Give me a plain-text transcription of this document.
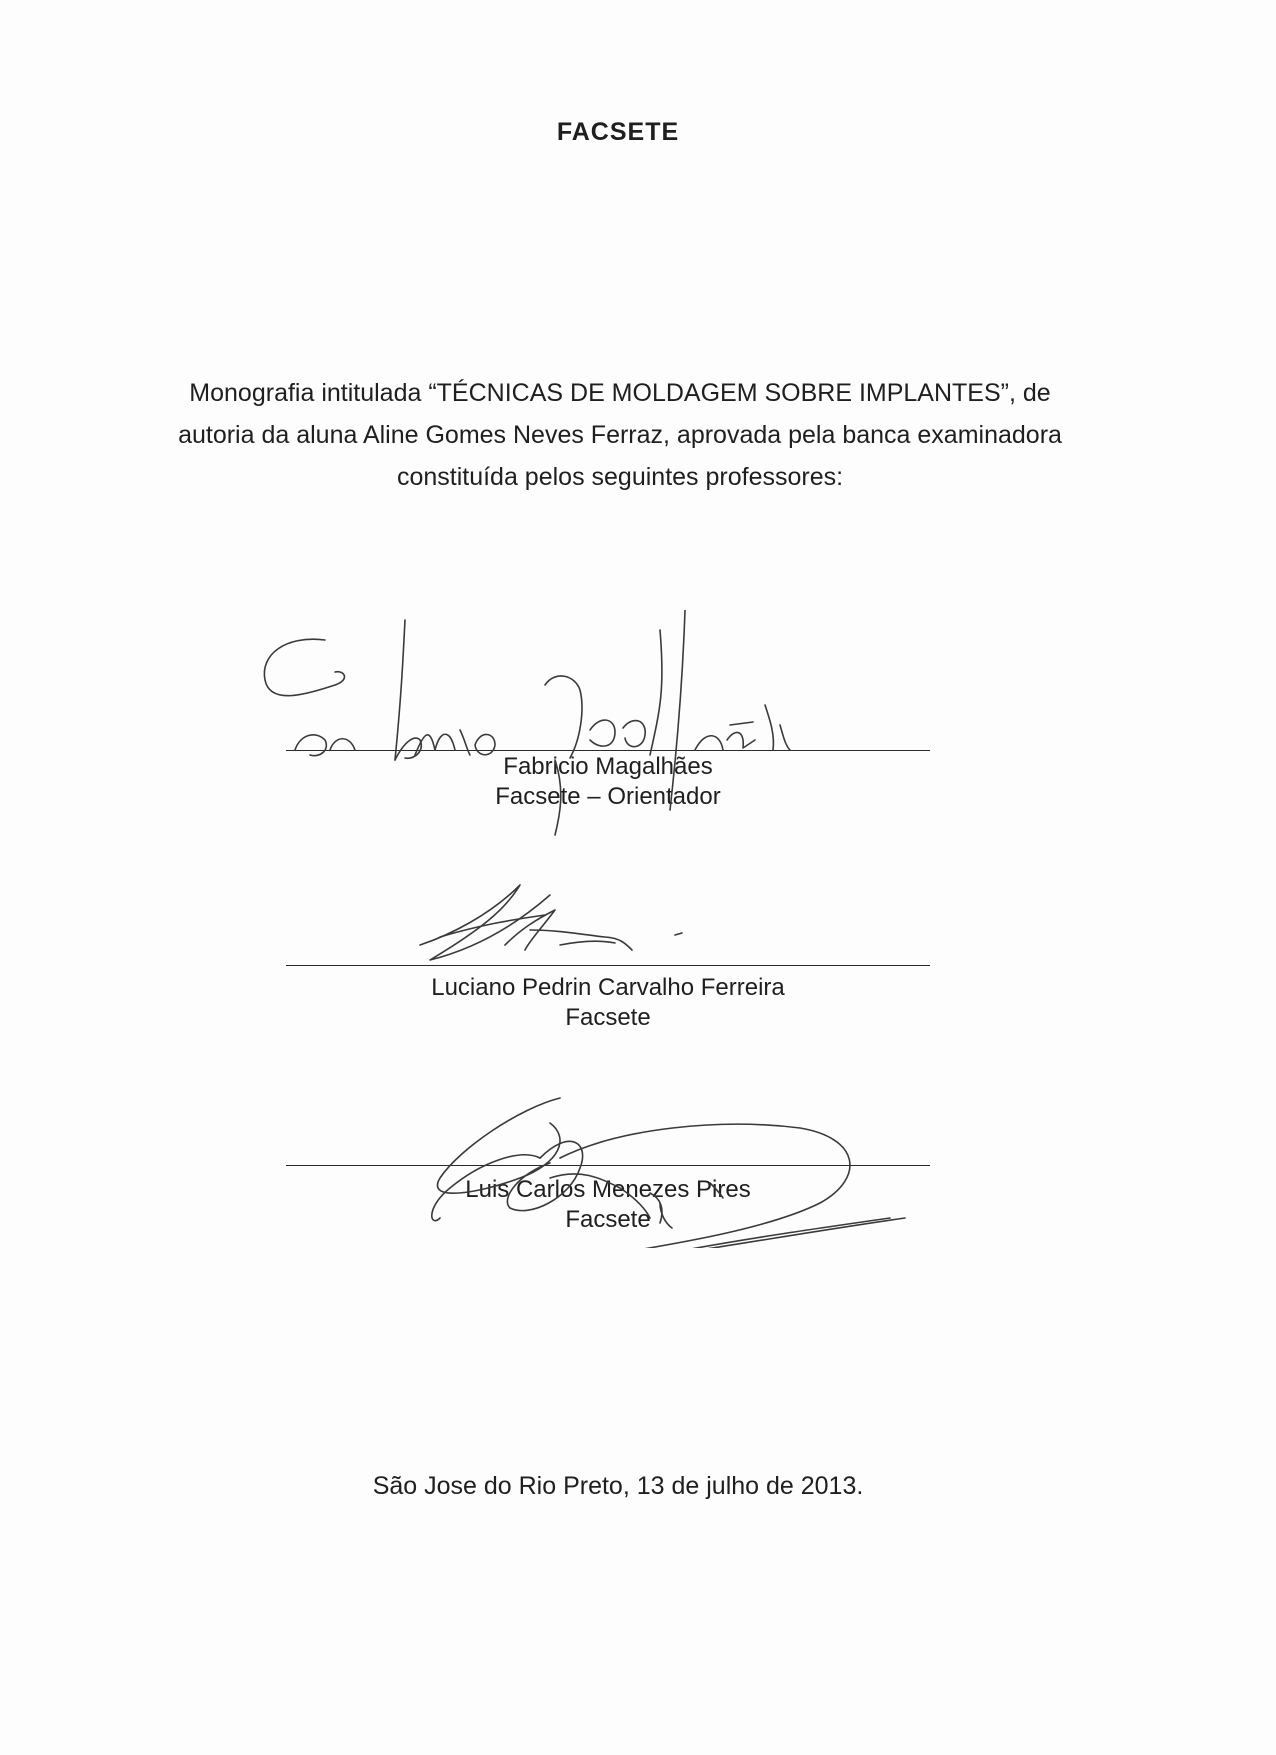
FACSETE
Monografia intitulada “TÉCNICAS DE MOLDAGEM SOBRE IMPLANTES”, de autoria da aluna Aline Gomes Neves Ferraz, aprovada pela banca examinadora constituída pelos seguintes professores:
Fabricio Magalhães
Facsete – Orientador
Luciano Pedrin Carvalho Ferreira
Facsete
Luis Carlos Menezes Pires
Facsete
São Jose do Rio Preto, 13 de julho de 2013.
